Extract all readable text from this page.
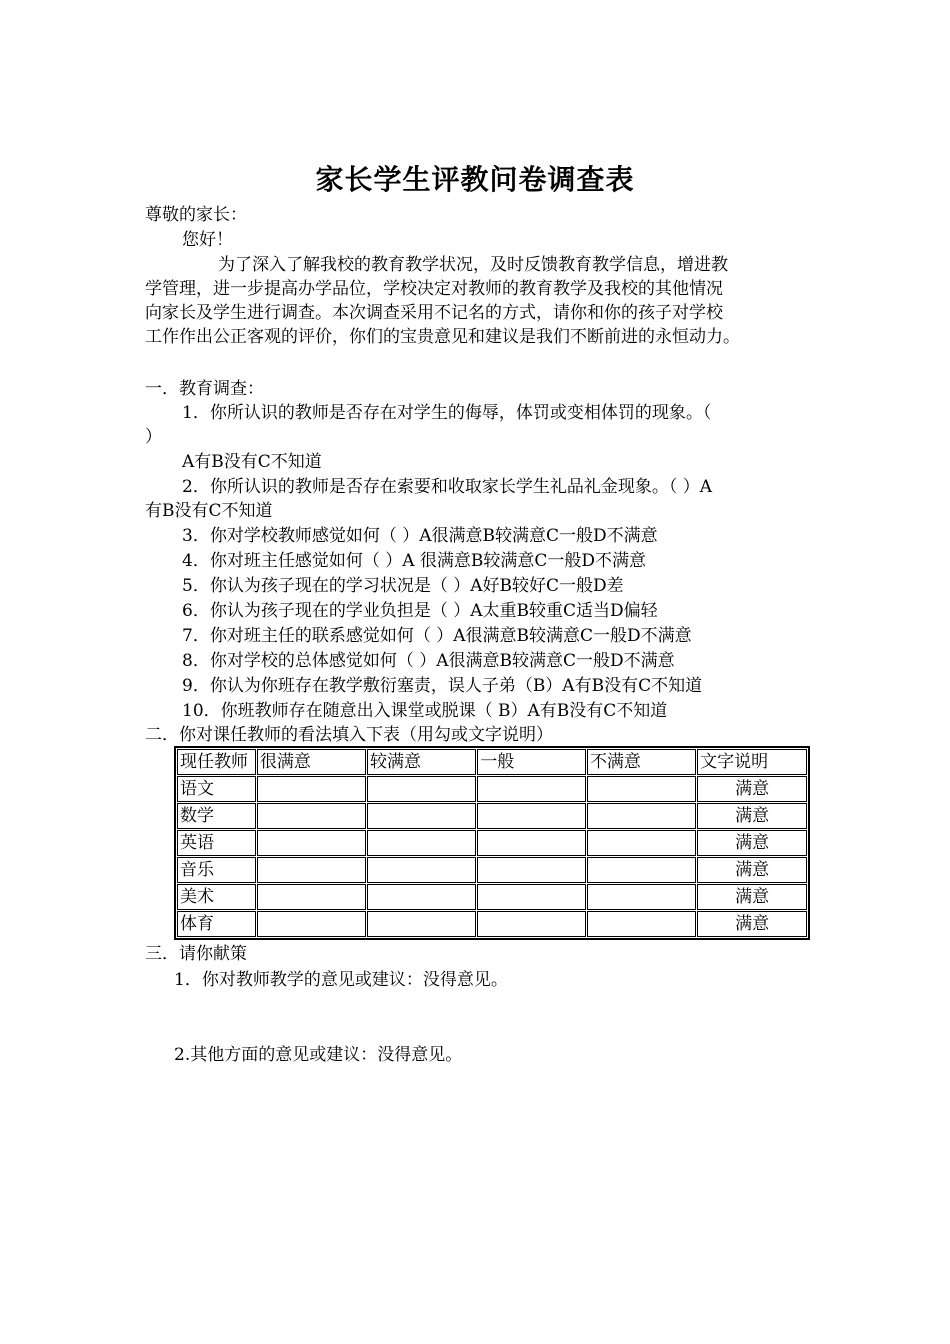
家长学生评教问卷调查表
尊敬的家长：
您好！
为了深入了解我校的教育教学状况，及时反馈教育教学信息，增进教
学管理，进一步提高办学品位，学校决定对教师的教育教学及我校的其他情况
向家长及学生进行调查。本次调查采用不记名的方式，请你和你的孩子对学校
工作作出公正客观的评价，你们的宝贵意见和建议是我们不断前进的永恒动力。
一．教育调查：
1．你所认识的教师是否存在对学生的侮辱，体罚或变相体罚的现象。（
）
A有B没有C不知道
2．你所认识的教师是否存在索要和收取家长学生礼品礼金现象。（ ）A
有B没有C不知道
3．你对学校教师感觉如何（ ）A很满意B较满意C一般D不满意
4．你对班主任感觉如何（ ）A 很满意B较满意C一般D不满意
5．你认为孩子现在的学习状况是（ ）A好B较好C一般D差
6．你认为孩子现在的学业负担是（ ）A太重B较重C适当D偏轻
7．你对班主任的联系感觉如何（ ）A很满意B较满意C一般D不满意
8．你对学校的总体感觉如何（ ）A很满意B较满意C一般D不满意
9．你认为你班存在教学敷衍塞责，误人子弟（B）A有B没有C不知道
10．你班教师存在随意出入课堂或脱课（ B）A有B没有C不知道
二．你对课任教师的看法填入下表（用勾或文字说明）
现任教师	很满意	较满意	一般	不满意	文字说明
语文					满意
数学					满意
英语					满意
音乐					满意
美术					满意
体育					满意
三．请你献策
1．你对教师教学的意见或建议：没得意见。
2.其他方面的意见或建议：没得意见。
